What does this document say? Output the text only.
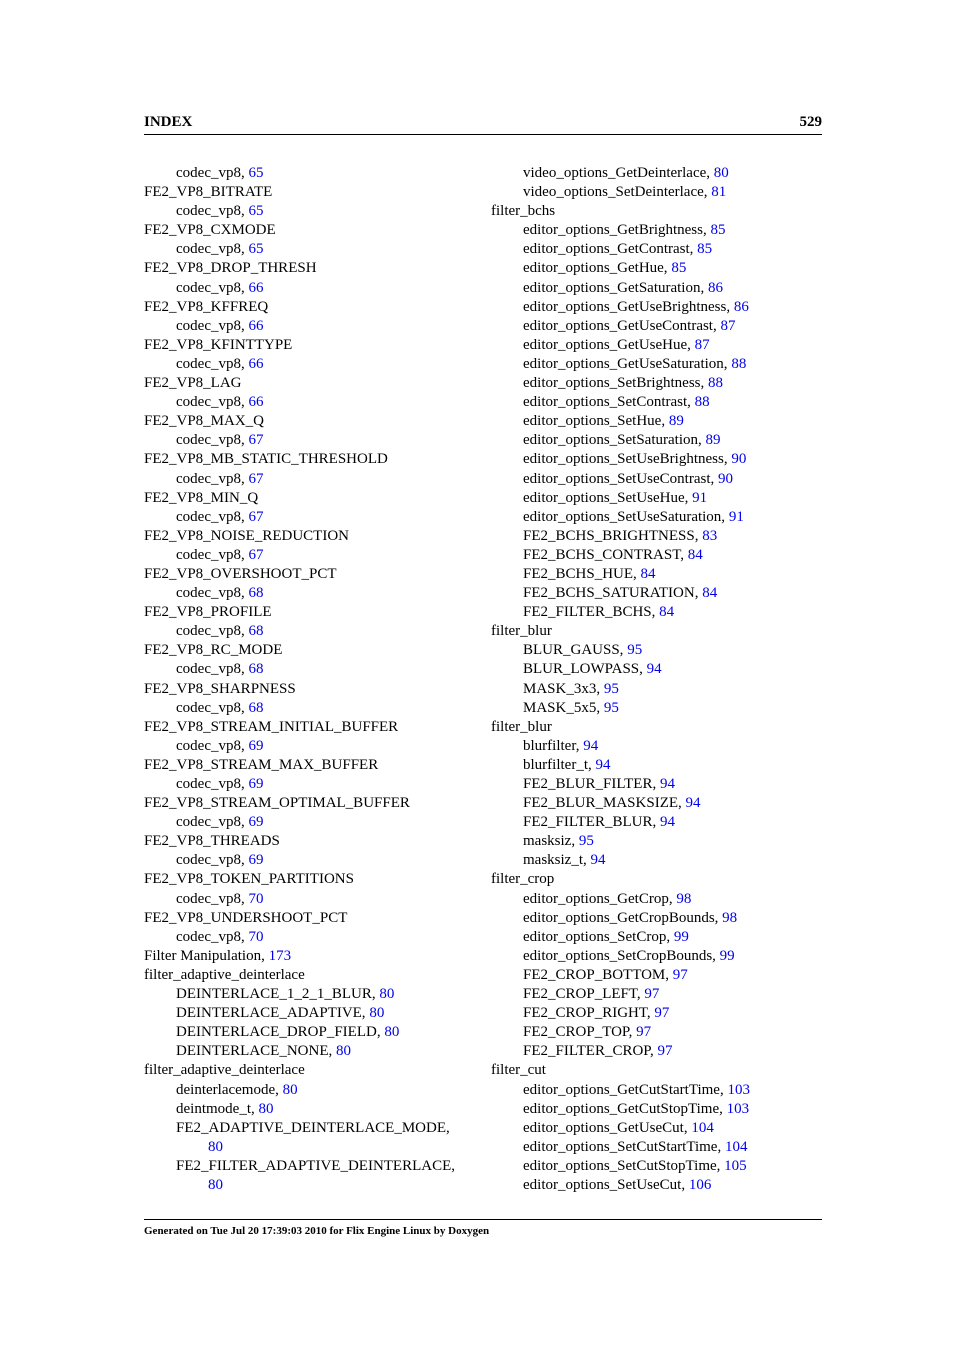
INDEX	529
codec_vp8, 65
FE2_VP8_BITRATE
codec_vp8, 65
FE2_VP8_CXMODE
codec_vp8, 65
FE2_VP8_DROP_THRESH
codec_vp8, 66
FE2_VP8_KFFREQ
codec_vp8, 66
FE2_VP8_KFINTTYPE
codec_vp8, 66
FE2_VP8_LAG
codec_vp8, 66
FE2_VP8_MAX_Q
codec_vp8, 67
FE2_VP8_MB_STATIC_THRESHOLD
codec_vp8, 67
FE2_VP8_MIN_Q
codec_vp8, 67
FE2_VP8_NOISE_REDUCTION
codec_vp8, 67
FE2_VP8_OVERSHOOT_PCT
codec_vp8, 68
FE2_VP8_PROFILE
codec_vp8, 68
FE2_VP8_RC_MODE
codec_vp8, 68
FE2_VP8_SHARPNESS
codec_vp8, 68
FE2_VP8_STREAM_INITIAL_BUFFER
codec_vp8, 69
FE2_VP8_STREAM_MAX_BUFFER
codec_vp8, 69
FE2_VP8_STREAM_OPTIMAL_BUFFER
codec_vp8, 69
FE2_VP8_THREADS
codec_vp8, 69
FE2_VP8_TOKEN_PARTITIONS
codec_vp8, 70
FE2_VP8_UNDERSHOOT_PCT
codec_vp8, 70
Filter Manipulation, 173
filter_adaptive_deinterlace
DEINTERLACE_1_2_1_BLUR, 80
DEINTERLACE_ADAPTIVE, 80
DEINTERLACE_DROP_FIELD, 80
DEINTERLACE_NONE, 80
filter_adaptive_deinterlace
deinterlacemode, 80
deintmode_t, 80
FE2_ADAPTIVE_DEINTERLACE_MODE,
80
FE2_FILTER_ADAPTIVE_DEINTERLACE,
80
video_options_GetDeinterlace, 80
video_options_SetDeinterlace, 81
filter_bchs
editor_options_GetBrightness, 85
editor_options_GetContrast, 85
editor_options_GetHue, 85
editor_options_GetSaturation, 86
editor_options_GetUseBrightness, 86
editor_options_GetUseContrast, 87
editor_options_GetUseHue, 87
editor_options_GetUseSaturation, 88
editor_options_SetBrightness, 88
editor_options_SetContrast, 88
editor_options_SetHue, 89
editor_options_SetSaturation, 89
editor_options_SetUseBrightness, 90
editor_options_SetUseContrast, 90
editor_options_SetUseHue, 91
editor_options_SetUseSaturation, 91
FE2_BCHS_BRIGHTNESS, 83
FE2_BCHS_CONTRAST, 84
FE2_BCHS_HUE, 84
FE2_BCHS_SATURATION, 84
FE2_FILTER_BCHS, 84
filter_blur
BLUR_GAUSS, 95
BLUR_LOWPASS, 94
MASK_3x3, 95
MASK_5x5, 95
filter_blur
blurfilter, 94
blurfilter_t, 94
FE2_BLUR_FILTER, 94
FE2_BLUR_MASKSIZE, 94
FE2_FILTER_BLUR, 94
masksiz, 95
masksiz_t, 94
filter_crop
editor_options_GetCrop, 98
editor_options_GetCropBounds, 98
editor_options_SetCrop, 99
editor_options_SetCropBounds, 99
FE2_CROP_BOTTOM, 97
FE2_CROP_LEFT, 97
FE2_CROP_RIGHT, 97
FE2_CROP_TOP, 97
FE2_FILTER_CROP, 97
filter_cut
editor_options_GetCutStartTime, 103
editor_options_GetCutStopTime, 103
editor_options_GetUseCut, 104
editor_options_SetCutStartTime, 104
editor_options_SetCutStopTime, 105
editor_options_SetUseCut, 106
Generated on Tue Jul 20 17:39:03 2010 for Flix Engine Linux by Doxygen
